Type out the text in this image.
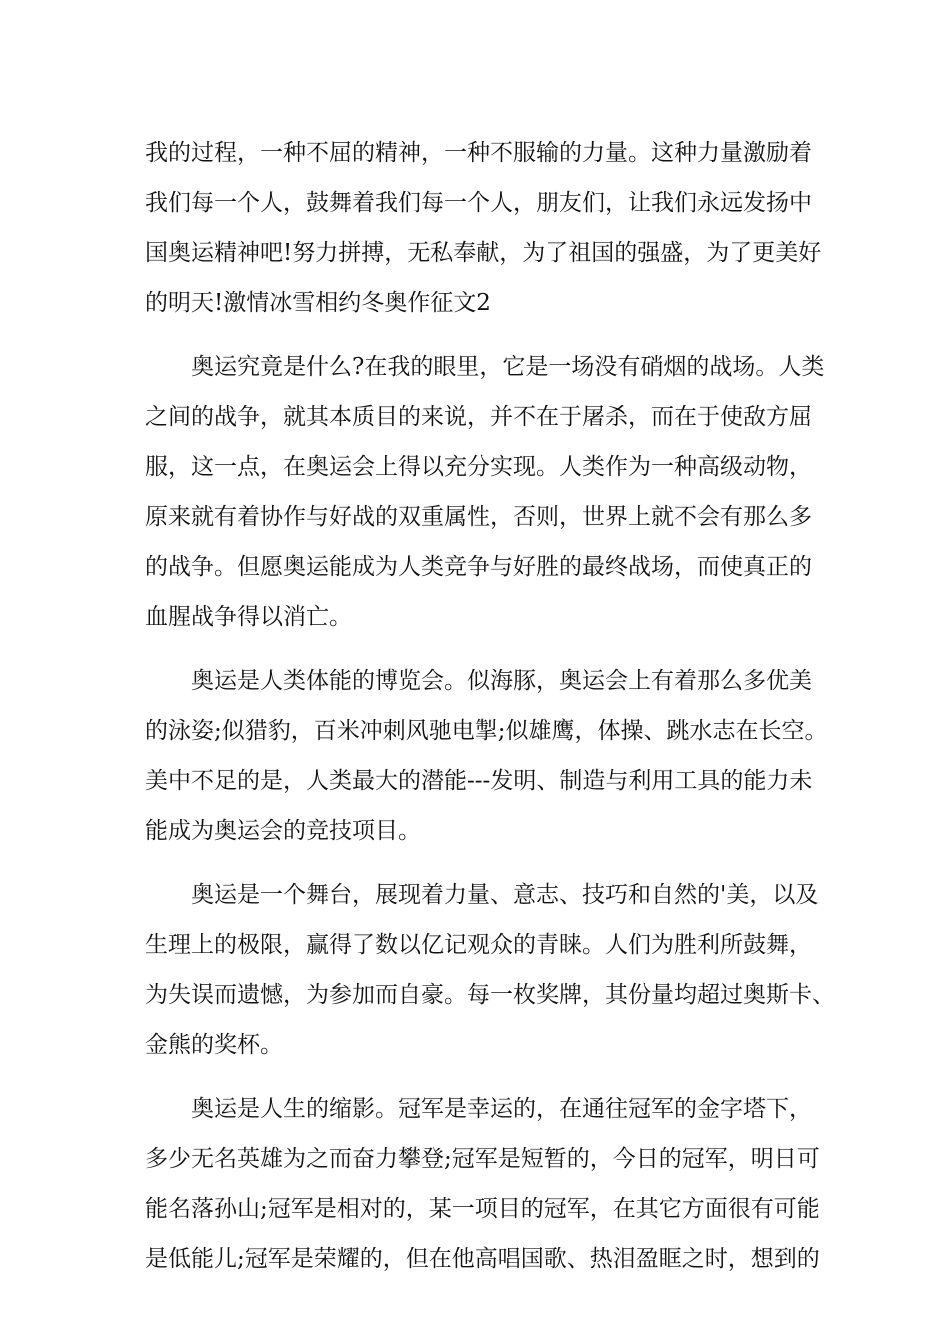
我的过程，一种不屈的精神，一种不服输的力量。这种力量激励着
我们每一个人，鼓舞着我们每一个人，朋友们，让我们永远发扬中
国奥运精神吧!努力拼搏，无私奉献，为了祖国的强盛，为了更美好
的明天!激情冰雪相约冬奥作征文2
　　奥运究竟是什么?在我的眼里，它是一场没有硝烟的战场。人类
之间的战争，就其本质目的来说，并不在于屠杀，而在于使敌方屈
服，这一点，在奥运会上得以充分实现。人类作为一种高级动物，
原来就有着协作与好战的双重属性，否则，世界上就不会有那么多
的战争。但愿奥运能成为人类竞争与好胜的最终战场，而使真正的
血腥战争得以消亡。
　　奥运是人类体能的博览会。似海豚，奥运会上有着那么多优美
的泳姿;似猎豹，百米冲刺风驰电掣;似雄鹰，体操、跳水志在长空。
美中不足的是，人类最大的潜能---发明、制造与利用工具的能力未
能成为奥运会的竞技项目。
　　奥运是一个舞台，展现着力量、意志、技巧和自然的'美，以及
生理上的极限，赢得了数以亿记观众的青睐。人们为胜利所鼓舞，
为失误而遗憾，为参加而自豪。每一枚奖牌，其份量均超过奥斯卡、
金熊的奖杯。
　　奥运是人生的缩影。冠军是幸运的，在通往冠军的金字塔下，
多少无名英雄为之而奋力攀登;冠军是短暂的，今日的冠军，明日可
能名落孙山;冠军是相对的，某一项目的冠军，在其它方面很有可能
是低能儿;冠军是荣耀的，但在他高唱国歌、热泪盈眶之时，想到的
